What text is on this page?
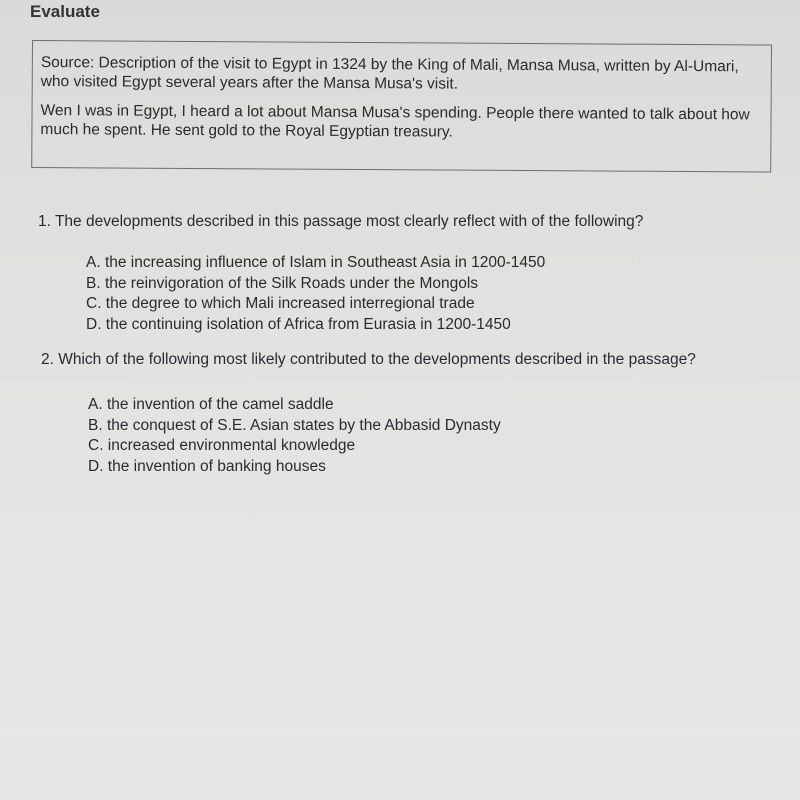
Evaluate

Source: Description of the visit to Egypt in 1324 by the King of Mali, Mansa Musa, written by Al-Umari, who visited Egypt several years after the Mansa Musa's visit.

Wen I was in Egypt, I heard a lot about Mansa Musa's spending. People there wanted to talk about how much he spent. He sent gold to the Royal Egyptian treasury.

1. The developments described in this passage most clearly reflect with of the following?
A. the increasing influence of Islam in Southeast Asia in 1200-1450
B. the reinvigoration of the Silk Roads under the Mongols
C. the degree to which Mali increased interregional trade
D. the continuing isolation of Africa from Eurasia in 1200-1450
2. Which of the following most likely contributed to the developments described in the passage?
A. the invention of the camel saddle
B. the conquest of S.E. Asian states by the Abbasid Dynasty
C. increased environmental knowledge
D. the invention of banking houses
